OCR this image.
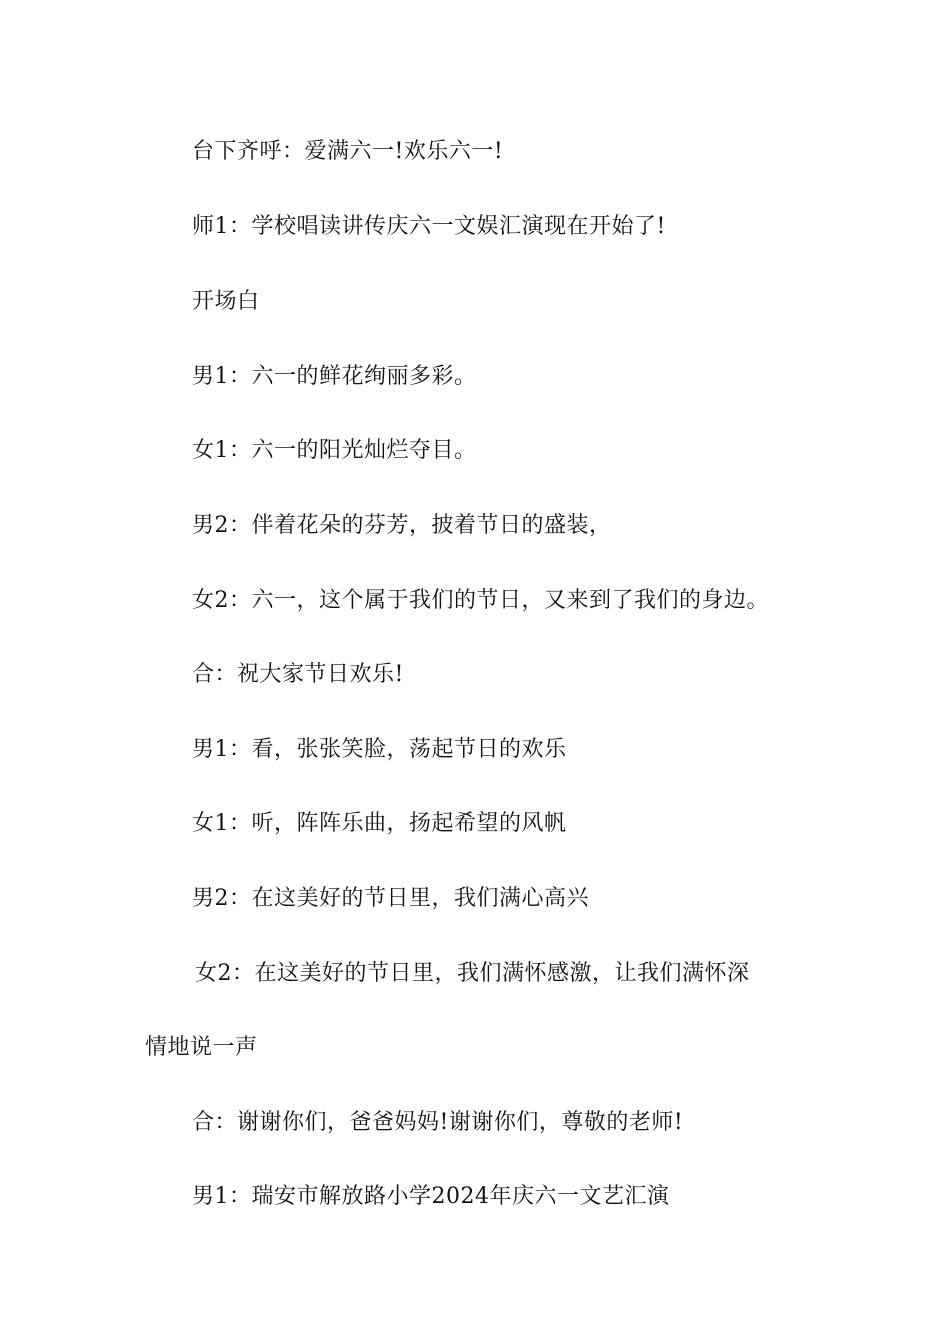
台下齐呼：爱满六一!欢乐六一!
师1：学校唱读讲传庆六一文娱汇演现在开始了!
开场白
男1：六一的鲜花绚丽多彩。
女1：六一的阳光灿烂夺目。
男2：伴着花朵的芬芳，披着节日的盛装，
女2：六一，这个属于我们的节日，又来到了我们的身边。
合：祝大家节日欢乐!
男1：看，张张笑脸，荡起节日的欢乐
女1：听，阵阵乐曲，扬起希望的风帆
男2：在这美好的节日里，我们满心高兴
女2：在这美好的节日里，我们满怀感激，让我们满怀深
情地说一声
合：谢谢你们，爸爸妈妈!谢谢你们，尊敬的老师!
男1：瑞安市解放路小学2024年庆六一文艺汇演
